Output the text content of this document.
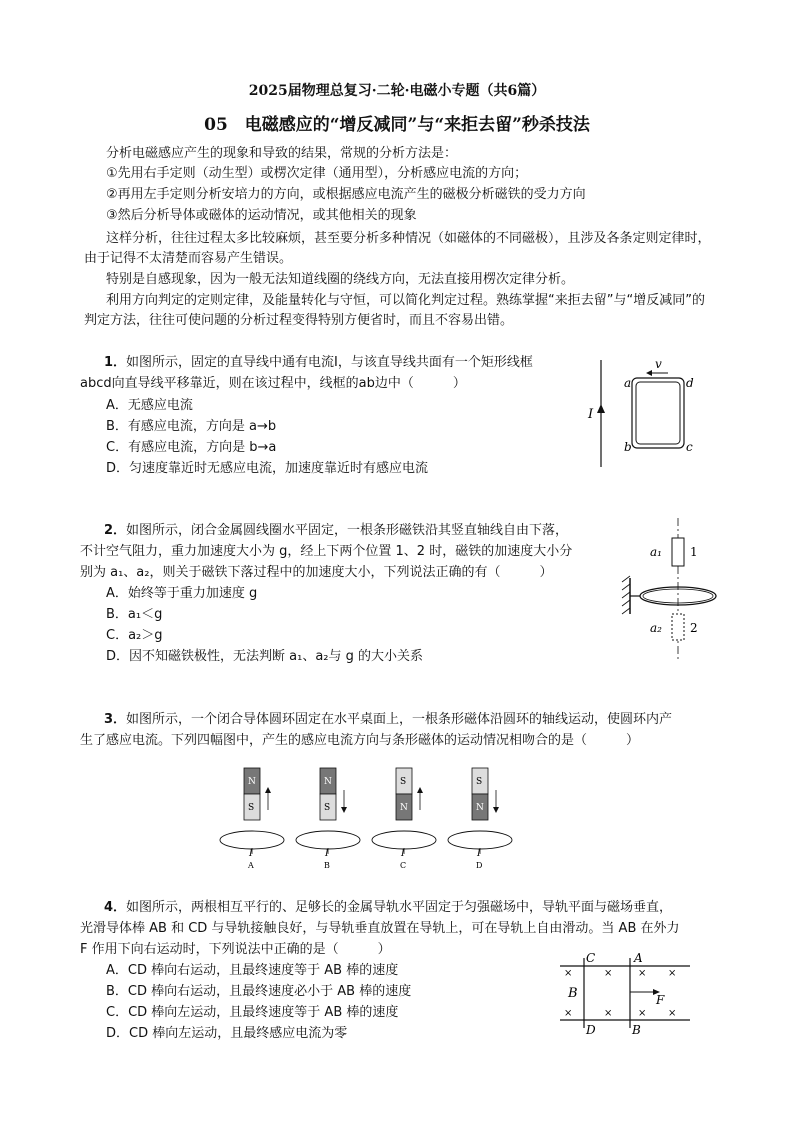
2025届物理总复习·二轮·电磁小专题（共6篇）
05　电磁感应的“增反减同”与“来拒去留”秒杀技法
分析电磁感应产生的现象和导致的结果，常规的分析方法是：
①先用右手定则（动生型）或楞次定律（通用型），分析感应电流的方向；
②再用左手定则分析安培力的方向，或根据感应电流产生的磁极分析磁铁的受力方向
③然后分析导体或磁体的运动情况，或其他相关的现象
这样分析，往往过程太多比较麻烦，甚至要分析多种情况（如磁体的不同磁极），且涉及各条定则定律时，由于记得不太清楚而容易产生错误。
特别是自感现象，因为一般无法知道线圈的绕线方向，无法直接用楞次定律分析。
利用方向判定的定则定律，及能量转化与守恒，可以简化判定过程。熟练掌握“来拒去留”与“增反减同”的判定方法，往往可使问题的分析过程变得特别方便省时，而且不容易出错。
1．如图所示，固定的直导线中通有电流I，与该直导线共面有一个矩形线框
abcd向直导线平移靠近，则在该过程中，线框的ab边中（　　　）
A．无感应电流
B．有感应电流，方向是 a→b
C．有感应电流，方向是 b→a
D．匀速度靠近时无感应电流，加速度靠近时有感应电流
I
v
a	d
b	c
2．如图所示，闭合金属圆线圈水平固定，一根条形磁铁沿其竖直轴线自由下落，
不计空气阻力，重力加速度大小为 g，经上下两个位置 1、2 时，磁铁的加速度大小分
别为 a₁、a₂，则关于磁铁下落过程中的加速度大小，下列说法正确的有（　　　）
A．始终等于重力加速度 g
B．a₁＜g
C．a₂＞g
D．因不知磁铁极性，无法判断 a₁、a₂与 g 的大小关系
a₁ 1
a₂ 2
3．如图所示，一个闭合导体圆环固定在水平桌面上，一根条形磁体沿圆环的轴线运动，使圆环内产
生了感应电流。下列四幅图中，产生的感应电流方向与条形磁体的运动情况相吻合的是（　　　）
N
S
I
A
N
S
I
B
S
N
I
C
S
N
I
D
4．如图所示，两根相互平行的、足够长的金属导轨水平固定于匀强磁场中，导轨平面与磁场垂直，
光滑导体棒 AB 和 CD 与导轨接触良好，与导轨垂直放置在导轨上，可在导轨上自由滑动。当 AB 在外力
F 作用下向右运动时，下列说法中正确的是（　　　）
A．CD 棒向右运动，且最终速度等于 AB 棒的速度
B．CD 棒向右运动，且最终速度必小于 AB 棒的速度
C．CD 棒向左运动，且最终速度等于 AB 棒的速度
D．CD 棒向左运动，且最终感应电流为零
C
D
A
B
B	F
×	×	× ×
×	×	× ×
